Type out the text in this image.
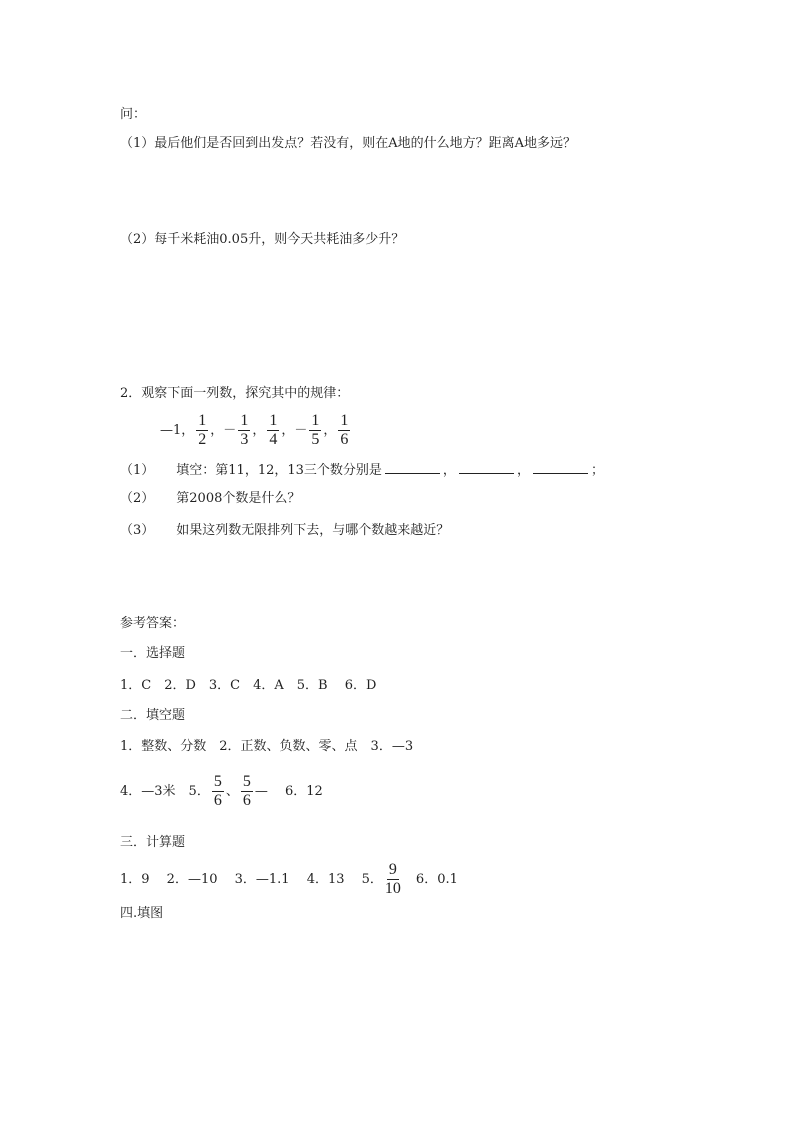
问：
（1）最后他们是否回到出发点？若没有，则在A地的什么地方？距离A地多远？
（2）每千米耗油0.05升，则今天共耗油多少升？
2．观察下面一列数，探究其中的规律：
—1， $\frac{1}{2}$ ，－ $\frac{1}{3}$ ， $\frac{1}{4}$ ，－ $\frac{1}{5}$ ， $\frac{1}{6}$
（1） 填空：第11，12，13三个数分别是	，	，	；
（2） 第2008个数是什么？
（3） 如果这列数无限排列下去，与哪个数越来越近？
参考答案：
一．选择题
1．C　2．D　3．C　4．A　5．B　 6．D
二．填空题
1．整数、分数　2．正数、负数、零、点　3．—3
4．—3米　5． $\frac{5}{6}$ 、 $\frac{5}{6}$ —　 6．12
三．计算题
1．9　 2．—10　 3．—1.1　 4．13　 5． $\frac{9}{10}$ 　6．0.1
四.填图
